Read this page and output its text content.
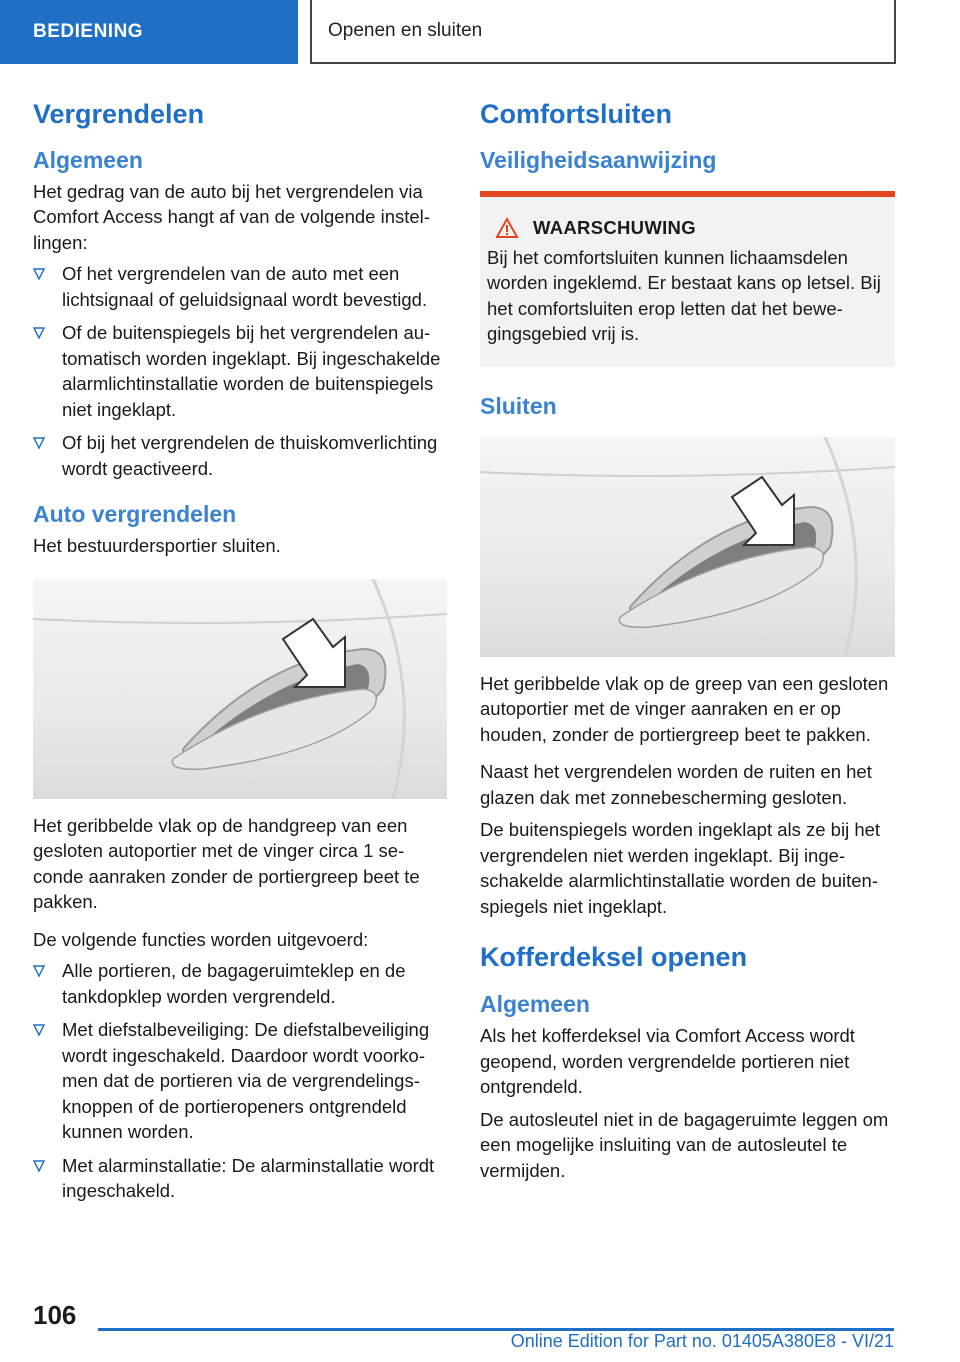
BEDIENING	Openen en sluiten
Vergrendelen
Algemeen

Het gedrag van de auto bij het vergrendelen via Comfort Access hangt af van de volgende instellingen:

Of het vergrendelen van de auto met een lichtsignaal of geluidsignaal wordt bevestigd.
Of de buitenspiegels bij het vergrendelen automatisch worden ingeklapt. Bij ingeschakelde alarmlichtinstallatie worden de buitenspiegels niet ingeklapt.
Of bij het vergrendelen de thuiskomverlichting wordt geactiveerd.
Auto vergrendelen

Het bestuurdersportier sluiten.

Het geribbelde vlak op de handgreep van een gesloten autoportier met de vinger circa 1 seconde aanraken zonder de portiergreep beet te pakken.

De volgende functies worden uitgevoerd:

Alle portieren, de bagageruimteklep en de tankdopklep worden vergrendeld.
Met diefstalbeveiliging: De diefstalbeveiliging wordt ingeschakeld. Daardoor wordt voorkomen dat de portieren via de vergrendelingsknoppen of de portieropeners ontgrendeld kunnen worden.
Met alarminstallatie: De alarminstallatie wordt ingeschakeld.
Comfortsluiten
Veiligheidsaanwijzing
WAARSCHUWING

Bij het comfortsluiten kunnen lichaamsdelen worden ingeklemd. Er bestaat kans op letsel. Bij het comfortsluiten erop letten dat het bewegingsgebied vrij is.

Sluiten

Het geribbelde vlak op de greep van een gesloten autoportier met de vinger aanraken en er op houden, zonder de portiergreep beet te pakken.

Naast het vergrendelen worden de ruiten en het glazen dak met zonnebescherming gesloten.

De buitenspiegels worden ingeklapt als ze bij het vergrendelen niet werden ingeklapt. Bij ingeschakelde alarmlichtinstallatie worden de buitenspiegels niet ingeklapt.

Kofferdeksel openen
Algemeen

Als het kofferdeksel via Comfort Access wordt geopend, worden vergrendelde portieren niet ontgrendeld.

De autosleutel niet in de bagageruimte leggen om een mogelijke insluiting van de autosleutel te vermijden.

106
Online Edition for Part no. 01405A380E8 - VI/21
